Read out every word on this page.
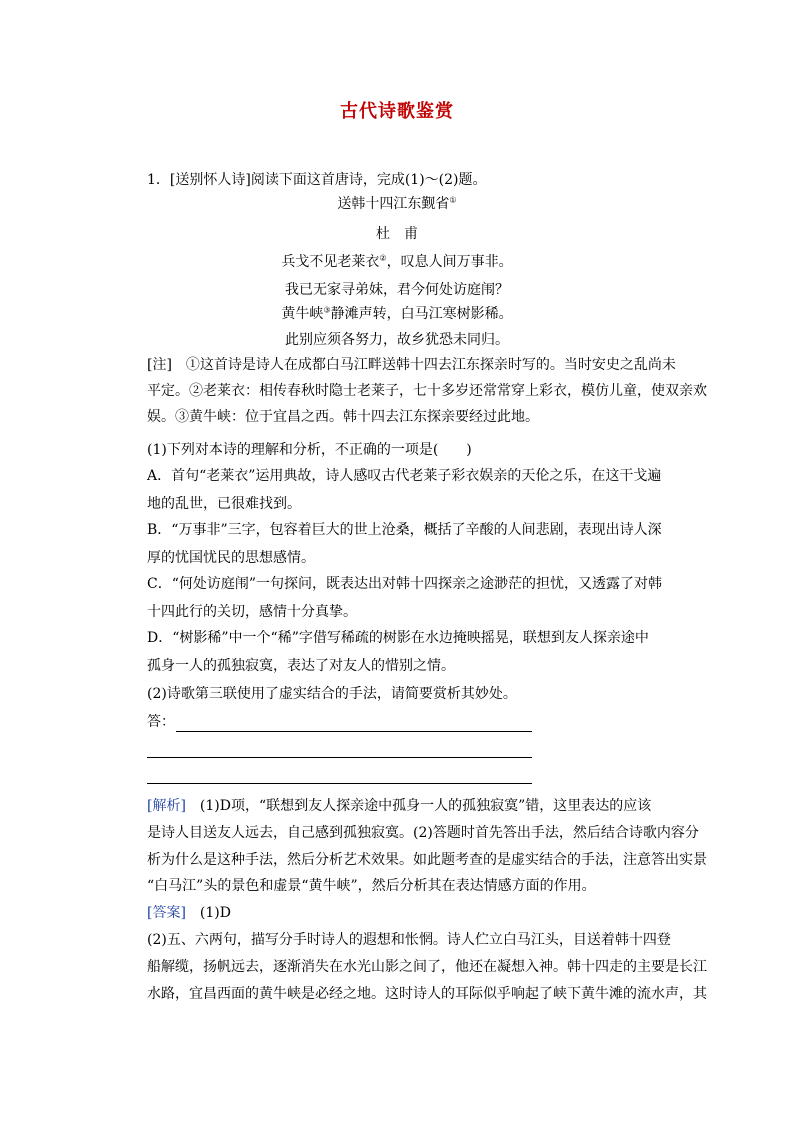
古代诗歌鉴赏
1．[送别怀人诗]阅读下面这首唐诗，完成(1)～(2)题。
送韩十四江东觐省①
杜　甫
兵戈不见老莱衣②，叹息人间万事非。
我已无家寻弟妹，君今何处访庭闱？
黄牛峡③静滩声转，白马江寒树影稀。
此别应须各努力，故乡犹恐未同归。
[注]　①这首诗是诗人在成都白马江畔送韩十四去江东探亲时写的。当时安史之乱尚未
平定。②老莱衣：相传春秋时隐士老莱子，七十多岁还常常穿上彩衣，模仿儿童，使双亲欢
娱。③黄牛峡：位于宜昌之西。韩十四去江东探亲要经过此地。
(1)下列对本诗的理解和分析，不正确的一项是(　　)
A．首句“老莱衣”运用典故，诗人感叹古代老莱子彩衣娱亲的天伦之乐，在这干戈遍
地的乱世，已很难找到。
B．“万事非”三字，包容着巨大的世上沧桑，概括了辛酸的人间悲剧，表现出诗人深
厚的忧国忧民的思想感情。
C．“何处访庭闱”一句探问，既表达出对韩十四探亲之途渺茫的担忧，又透露了对韩
十四此行的关切，感情十分真挚。
D．“树影稀”中一个“稀”字借写稀疏的树影在水边掩映摇晃，联想到友人探亲途中
孤身一人的孤独寂寞，表达了对友人的惜别之情。
(2)诗歌第三联使用了虚实结合的手法，请简要赏析其妙处。
答：
[解析]　(1)D项，“联想到友人探亲途中孤身一人的孤独寂寞”错，这里表达的应该
是诗人目送友人远去，自己感到孤独寂寞。(2)答题时首先答出手法，然后结合诗歌内容分
析为什么是这种手法，然后分析艺术效果。如此题考查的是虚实结合的手法，注意答出实景
“白马江”头的景色和虚景“黄牛峡”，然后分析其在表达情感方面的作用。
[答案]　(1)D
(2)五、六两句，描写分手时诗人的遐想和怅惘。诗人伫立白马江头，目送着韩十四登
船解缆，扬帆远去，逐渐消失在水光山影之间了，他还在凝想入神。韩十四走的主要是长江
水路，宜昌西面的黄牛峡是必经之地。这时诗人的耳际似乎响起了峡下黄牛滩的流水声，其
